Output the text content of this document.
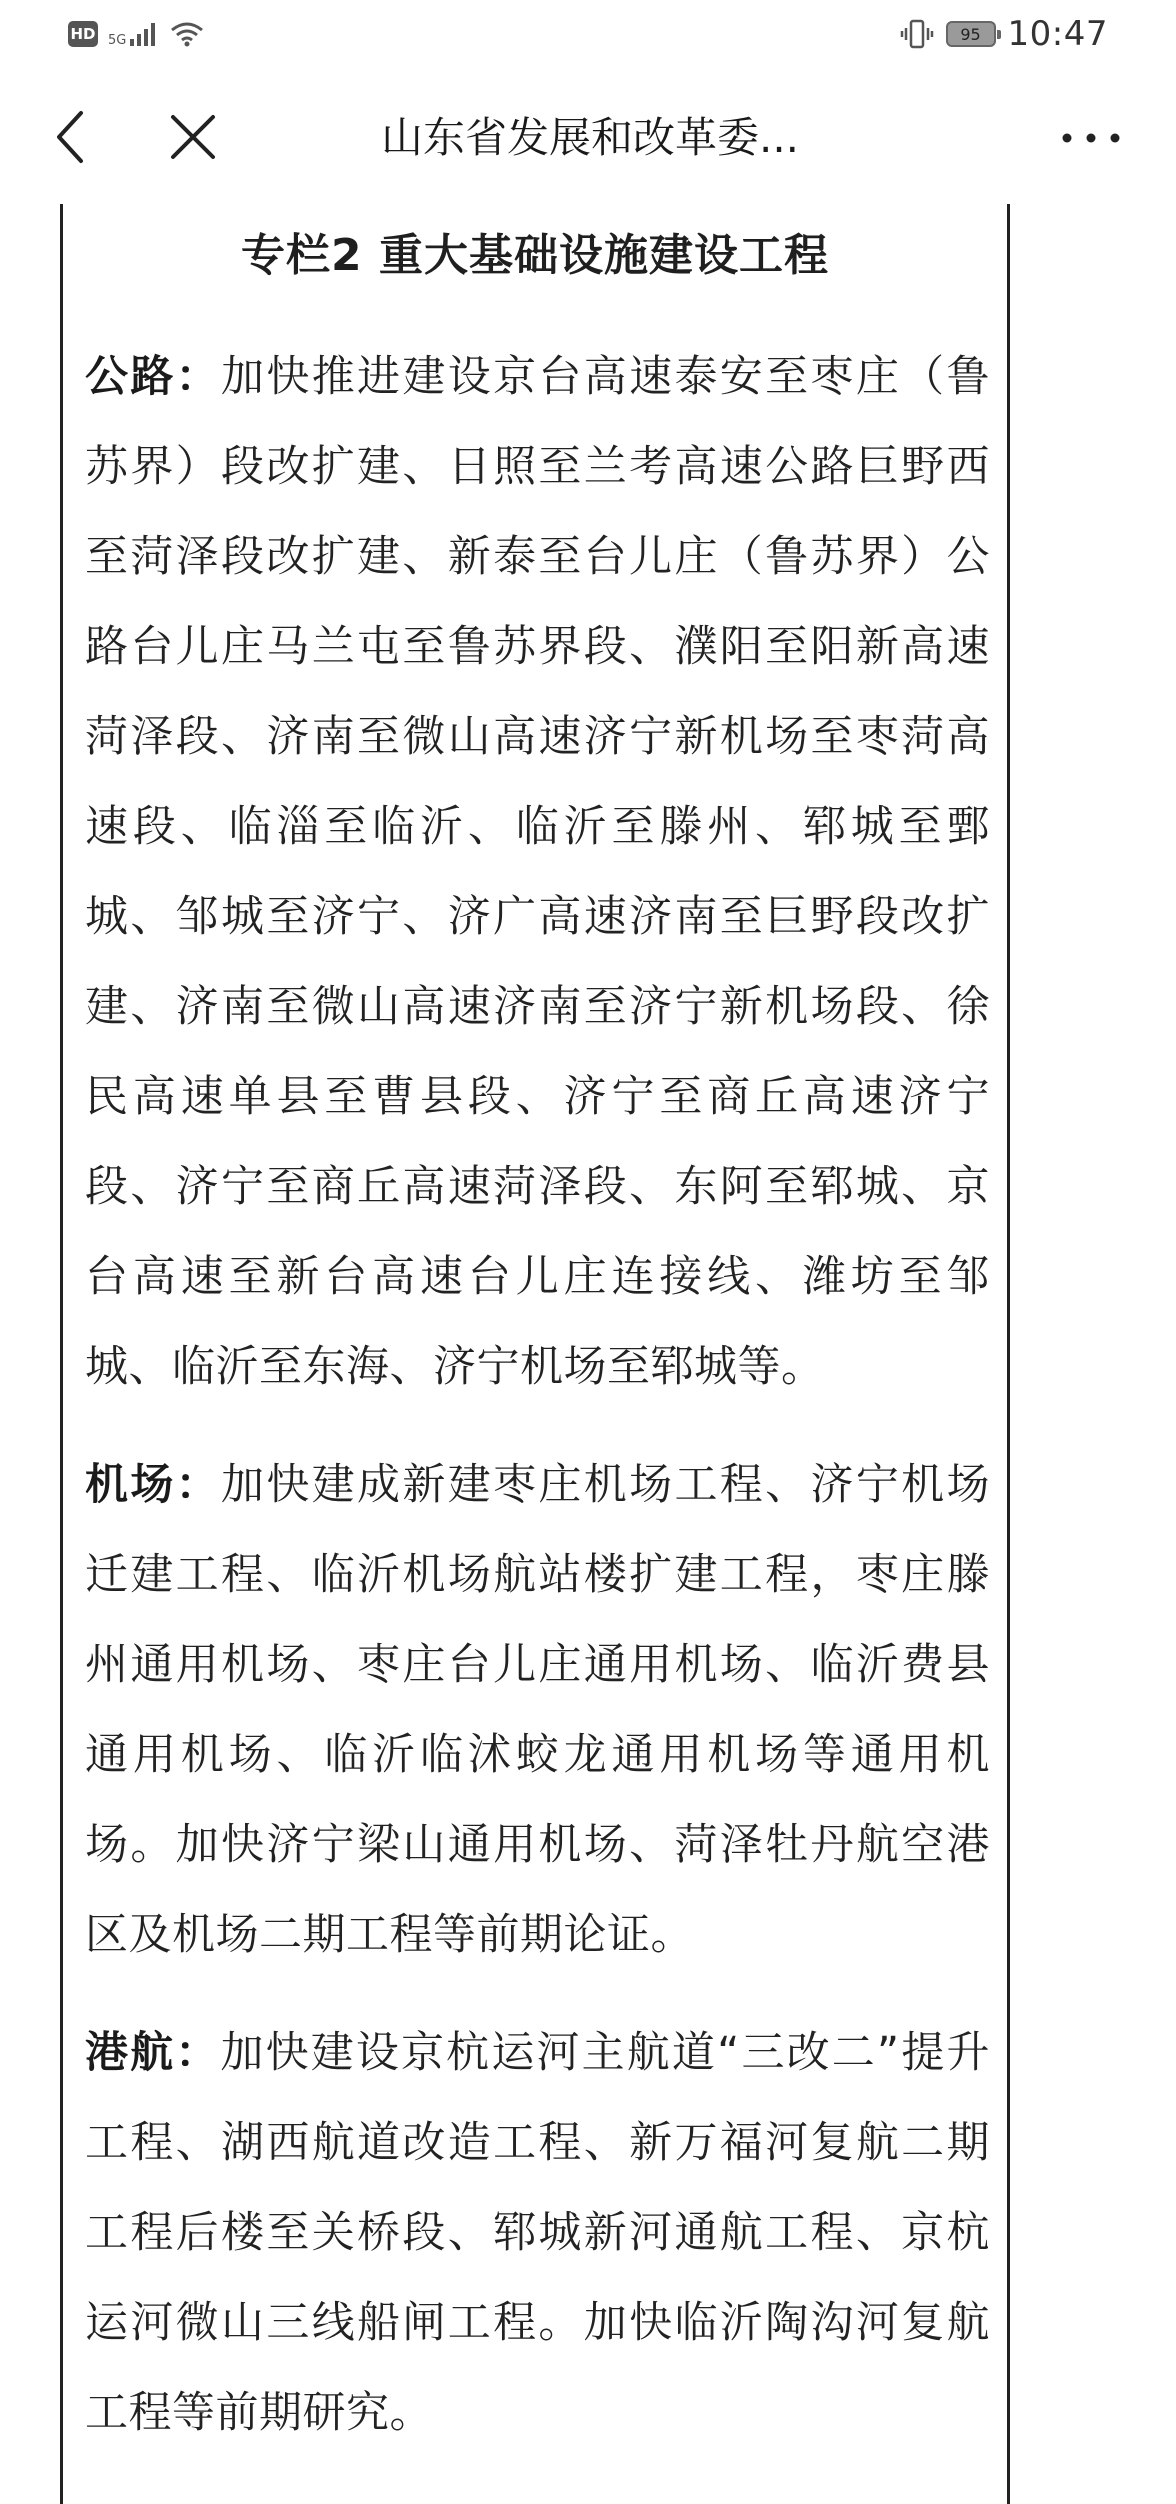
HD 5G	95 10:47
山东省发展和改革委...
专栏2 重大基础设施建设工程

公路：加快推进建设京台高速泰安至枣庄（鲁苏界）段改扩建、日照至兰考高速公路巨野西至菏泽段改扩建、新泰至台儿庄（鲁苏界）公路台儿庄马兰屯至鲁苏界段、濮阳至阳新高速菏泽段、济南至微山高速济宁新机场至枣菏高速段、临淄至临沂、临沂至滕州、郓城至鄄城、邹城至济宁、济广高速济南至巨野段改扩建、济南至微山高速济南至济宁新机场段、徐民高速单县至曹县段、济宁至商丘高速济宁段、济宁至商丘高速菏泽段、东阿至郓城、京台高速至新台高速台儿庄连接线、潍坊至邹城、临沂至东海、济宁机场至郓城等。

机场：加快建成新建枣庄机场工程、济宁机场迁建工程、临沂机场航站楼扩建工程，枣庄滕州通用机场、枣庄台儿庄通用机场、临沂费县通用机场、临沂临沭蛟龙通用机场等通用机场。加快济宁梁山通用机场、菏泽牡丹航空港区及机场二期工程等前期论证。

港航：加快建设京杭运河主航道“三改二”提升工程、湖西航道改造工程、新万福河复航二期工程后楼至关桥段、郓城新河通航工程、京杭运河微山三线船闸工程。加快临沂陶沟河复航工程等前期研究。
